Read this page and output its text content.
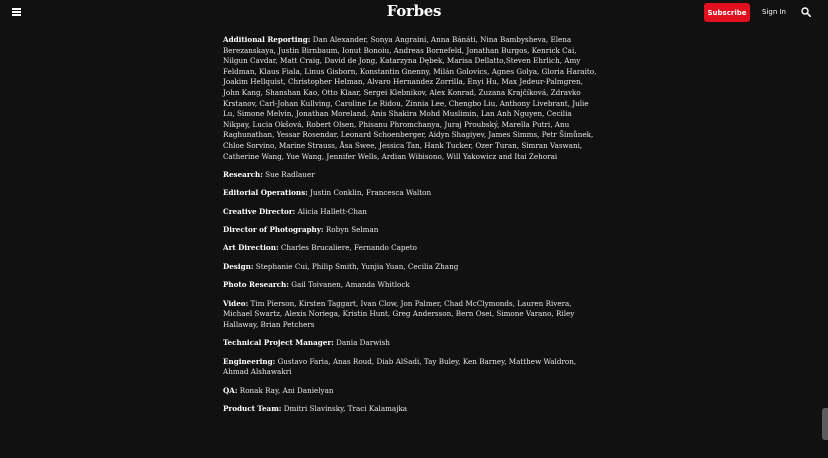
Forbes	Subscribe	Sign In

Additional Reporting: Dan Alexander, Sonya Angraini, Anna Bánáti, Nina Bambysheva, Elena Berezanskaya, Justin Birnbaum, Ionut Bonoiu, Andreas Bornefeld, Jonathan Burgos, Kenrick Cai, Nilgun Cavdar, Matt Craig, David de Jong, Katarzyna Dębek, Marisa Dellatto,Steven Ehrlich, Amy Feldman, Klaus Fiala, Linus Gisborn, Konstantin Gnenny, Milán Golovics, Agnes Golya, Gloria Haraito, Joakim Hellquist, Christopher Helman, Alvaro Hernandez Zorrilla, Enyi Hu, Max Jedeur-Palmgren, John Kang, Shanshan Kao, Otto Klaar, Sergei Klebnikov, Alex Konrad, Zuzana Krajčíková, Zdravko Krstanov, Carl-Johan Kullving, Caroline Le Ridou, Zinnia Lee, Chengbo Liu, Anthony Livebrant, Julie Lu, Simone Melvin, Jonathan Moreland, Anis Shakira Mohd Muslimin, Lan Anh Nguyen, Cecilia Nikpay, Lucia Okšová, Robert Olsen, Phisanu Phromchanya, Juraj Proubský, Marella Putri, Anu Raghunathan, Yessar Rosendar, Leonard Schoenberger, Aidyn Shagiyev, James Simms, Petr Šimůnek, Chloe Sorvino, Marine Strauss, Åsa Swee, Jessica Tan, Hank Tucker, Ozer Turan, Simran Vaswani, Catherine Wang, Yue Wang, Jennifer Wells, Ardian Wibisono, Will Yakowicz and Itai Zehorai

Research: Sue Radlauer

Editorial Operations: Justin Conklin, Francesca Walton

Creative Director: Alicia Hallett-Chan

Director of Photography: Robyn Selman

Art Direction: Charles Brucaliere, Fernando Capeto

Design: Stephanie Cui, Philip Smith, Yunjia Yuan, Cecilia Zhang

Photo Research: Gail Toivanen, Amanda Whitlock

Video: Tim Pierson, Kirsten Taggart, Ivan Clow, Jon Palmer, Chad McClymonds, Lauren Rivera, Michael Swartz, Alexis Noriega, Kristin Hunt, Greg Andersson, Bern Osei, Simone Varano, Riley Hallaway, Brian Petchers

Technical Project Manager: Dania Darwish

Engineering: Gustavo Faria, Anas Roud, Diab AlSadi, Tay Buley, Ken Barney, Matthew Waldron, Ahmad Alshawakri

QA: Ronak Ray, Ani Danielyan

Product Team: Dmitri Slavinsky, Traci Kalamajka
